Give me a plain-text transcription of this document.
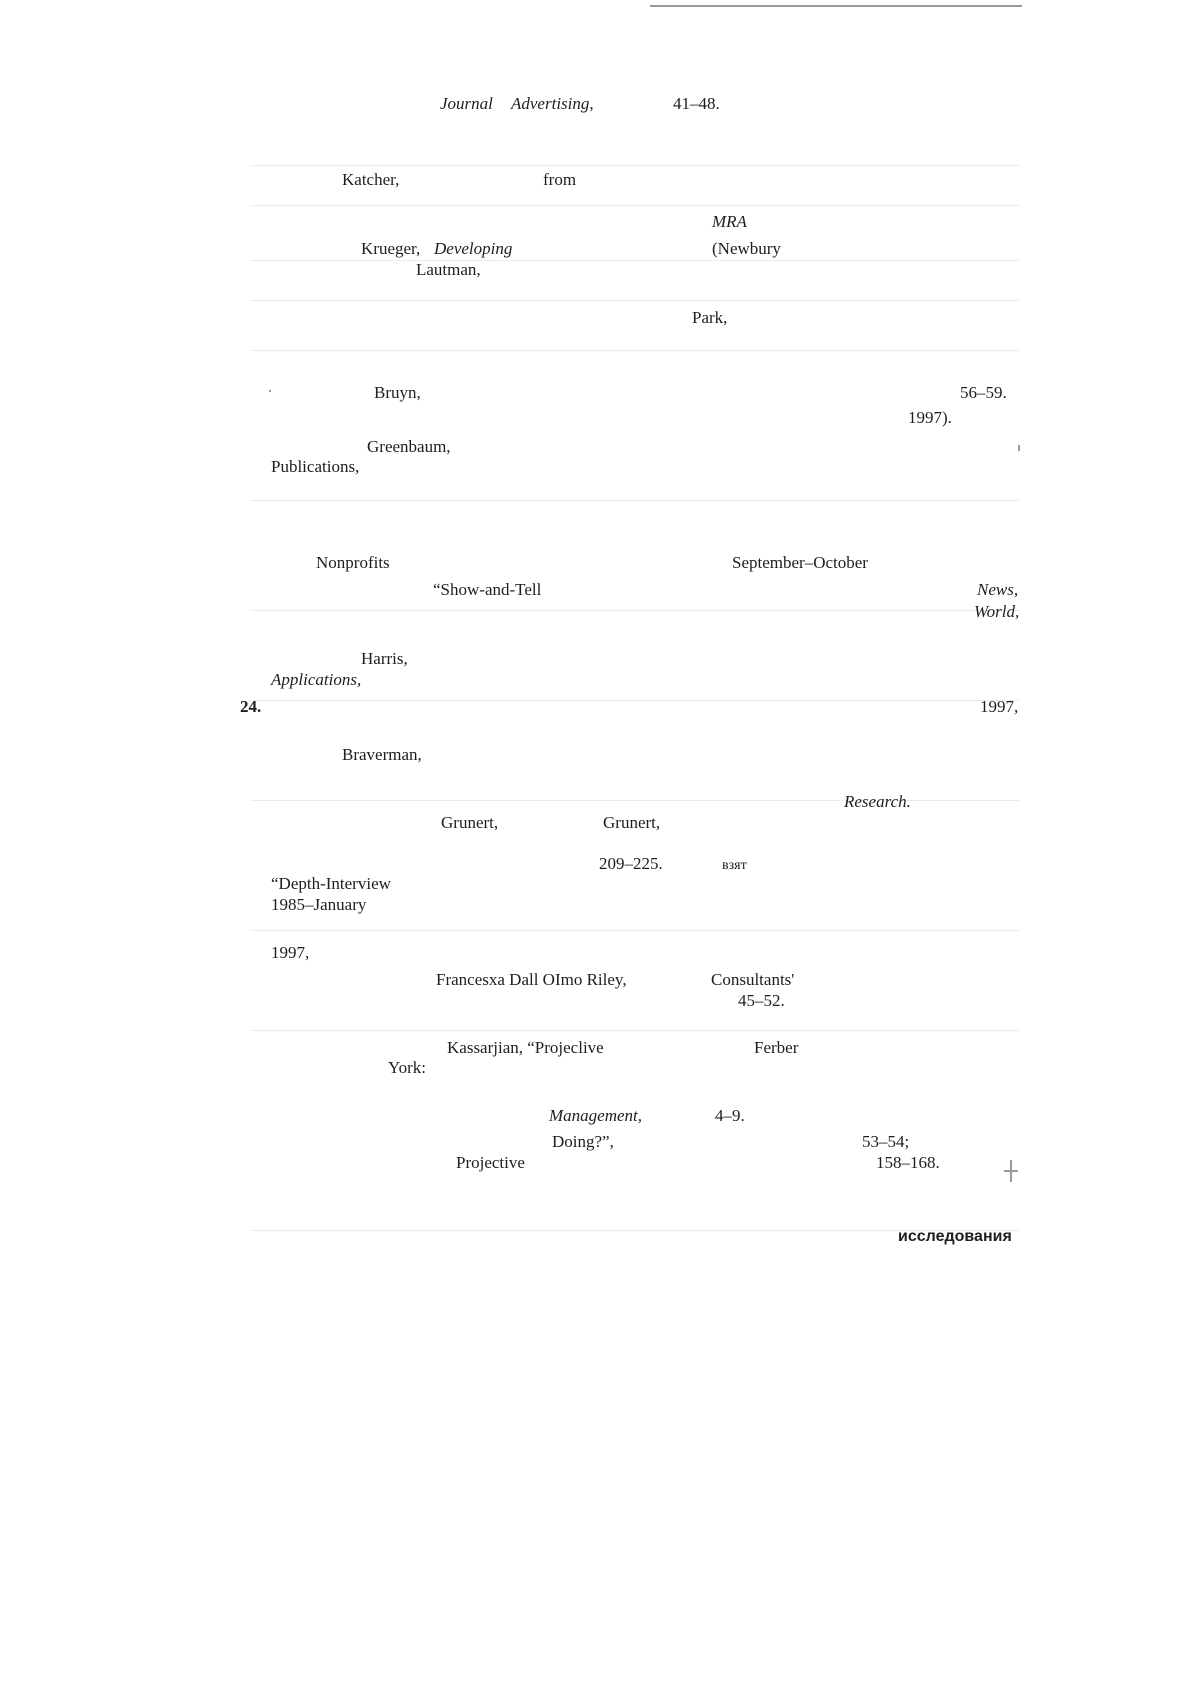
Journal Advertising,	41–48.
Katcher,	from
MRA
Krueger, Developing	(Newbury
Lautman,
Park,
Bruyn,	56–59.
1997).
Greenbaum,
Publications,
Nonprofits	September–October
“Show-and-Tell	News,
World,
Harris,
Applications,
24.	1997,
Braverman,
Research.
Grunert,	Grunert,
209–225.	взят
“Depth-Interview
1985–January
1997,
Francesxa Dall OImo Riley,	Consultants'
45–52.
Kassarjian, “Projeclive	Ferber
York:
Management,	4–9.
Doing?”,	53–54;
Projective	158–168.
исследования
